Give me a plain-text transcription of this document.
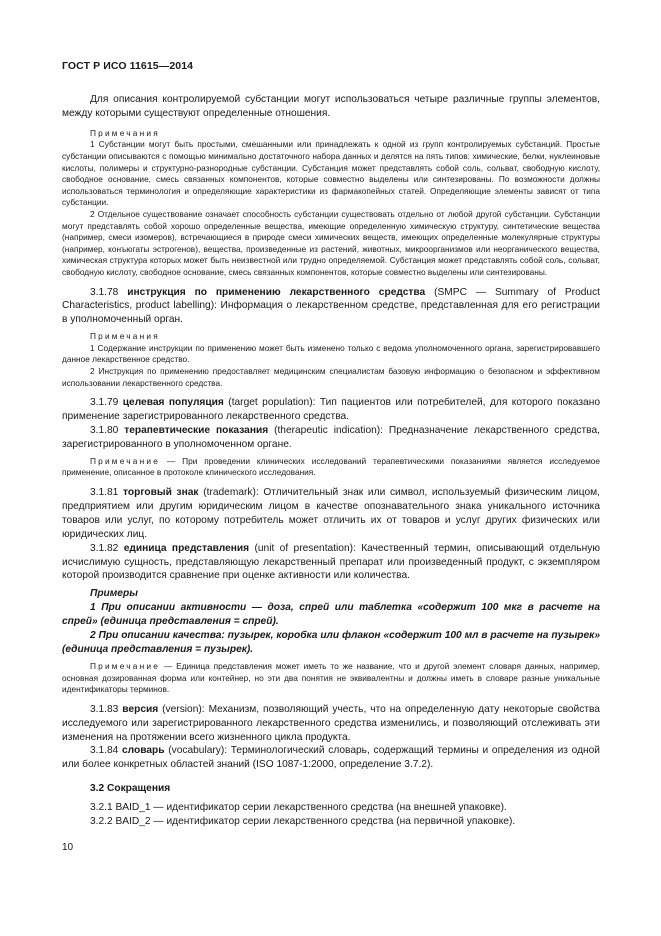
ГОСТ Р ИСО 11615—2014

Для описания контролируемой субстанции могут использоваться четыре различные группы элементов, между которыми существуют определенные отношения.

Примечания

1 Субстанции могут быть простыми, смешанными или принадлежать к одной из групп контролируемых субстанций. Простые субстанции описываются с помощью минимально достаточного набора данных и делятся на пять типов: химические, белки, нуклеиновые кислоты, полимеры и структурно-разнородные субстанции. Субстанция может представлять собой соль, сольват, свободную кислоту, свободное основание, смесь связанных компонентов, которые совместно выделены или синтезированы. По возможности должны использоваться терминология и определяющие характеристики из фармакопейных статей. Определяющие элементы зависят от типа субстанции.

2 Отдельное существование означает способность субстанции существовать отдельно от любой другой субстанции. Субстанции могут представлять собой хорошо определенные вещества, имеющие определенную химическую структуру, синтетические вещества (например, смеси изомеров), встречающиеся в природе смеси химических веществ, имеющих определенные молекулярные структуры (например, конъюгаты эстрогенов), вещества, произведенные из растений, животных, микроорганизмов или неорганического вещества, химическая структура которых может быть неизвестной или трудно определяемой. Субстанция может представлять собой соль, сольват, свободную кислоту, свободное основание, смесь связанных компонентов, которые совместно выделены или синтезированы.

3.1.78 инструкция по применению лекарственного средства (SMPC — Summary of Product Characteristics, product labelling): Информация о лекарственном средстве, представленная для его регистрации в уполномоченный орган.

Примечания

1 Содержание инструкции по применению может быть изменено только с ведома уполномоченного органа, зарегистрировавшего данное лекарственное средство.

2 Инструкция по применению предоставляет медицинским специалистам базовую информацию о безопасном и эффективном использовании лекарственного средства.

3.1.79 целевая популяция (target population): Тип пациентов или потребителей, для которого показано применение зарегистрированного лекарственного средства.

3.1.80 терапевтические показания (therapeutic indication): Предназначение лекарственного средства, зарегистрированного в уполномоченном органе.

Примечание — При проведении клинических исследований терапевтическими показаниями является исследуемое применение, описанное в протоколе клинического исследования.

3.1.81 торговый знак (trademark): Отличительный знак или символ, используемый физическим лицом, предприятием или другим юридическим лицом в качестве опознавательного знака уникального источника товаров или услуг, по которому потребитель может отличить их от товаров и услуг других физических или юридических лиц.

3.1.82 единица представления (unit of presentation): Качественный термин, описывающий отдельную исчислимую сущность, представляющую лекарственный препарат или произведенный продукт, с экземпляром которой производится сравнение при оценке активности или количества.

Примеры

1 При описании активности — доза, спрей или таблетка «содержит 100 мкг в расчете на спрей» (единица представления = спрей).

2 При описании качества: пузырек, коробка или флакон «содержит 100 мл в расчете на пузырек» (единица представления = пузырек).

Примечание — Единица представления может иметь то же название, что и другой элемент словаря данных, например, основная дозированная форма или контейнер, но эти два понятия не эквивалентны и должны иметь в словаре разные уникальные идентификаторы терминов.

3.1.83 версия (version): Механизм, позволяющий учесть, что на определенную дату некоторые свойства исследуемого или зарегистрированного лекарственного средства изменились, и позволяющий отслеживать эти изменения на протяжении всего жизненного цикла продукта.

3.1.84 словарь (vocabulary): Терминологический словарь, содержащий термины и определения из одной или более конкретных областей знаний (ISO 1087-1:2000, определение 3.7.2).

3.2 Сокращения

3.2.1 BAID_1 — идентификатор серии лекарственного средства (на внешней упаковке).

3.2.2 BAID_2 — идентификатор серии лекарственного средства (на первичной упаковке).

10
